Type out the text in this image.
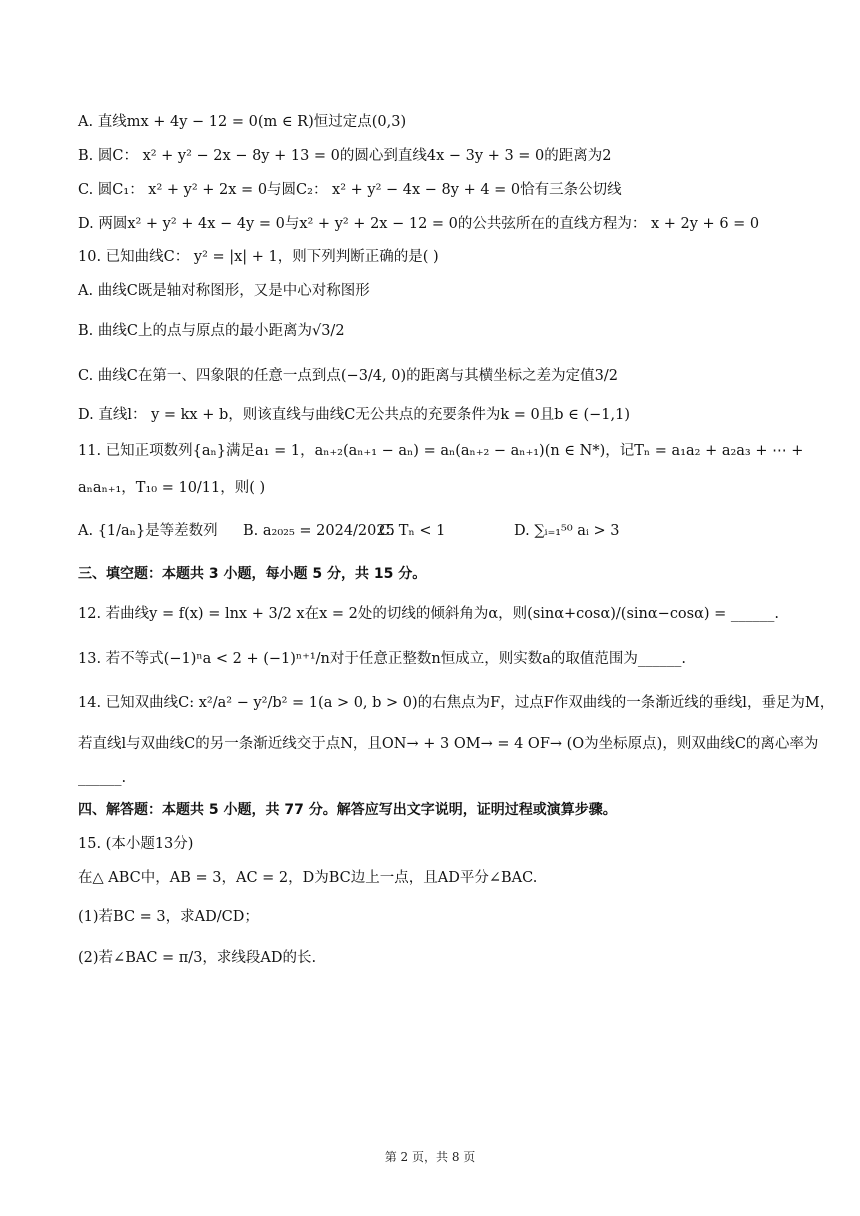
A. 直线mx + 4y − 12 = 0(m ∈ R)恒过定点(0,3)
B. 圆C： x² + y² − 2x − 8y + 13 = 0的圆心到直线4x − 3y + 3 = 0的距离为2
C. 圆C₁： x² + y² + 2x = 0与圆C₂： x² + y² − 4x − 8y + 4 = 0恰有三条公切线
D. 两圆x² + y² + 4x − 4y = 0与x² + y² + 2x − 12 = 0的公共弦所在的直线方程为： x + 2y + 6 = 0
10. 已知曲线C： y² = |x| + 1，则下列判断正确的是( )
A. 曲线C既是轴对称图形，又是中心对称图形
B. 曲线C上的点与原点的最小距离为√3/2
C. 曲线C在第一、四象限的任意一点到点(−3/4, 0)的距离与其横坐标之差为定值3/2
D. 直线l： y = kx + b，则该直线与曲线C无公共点的充要条件为k = 0且b ∈ (−1,1)
11. 已知正项数列{aₙ}满足a₁ = 1，aₙ₊₂(aₙ₊₁ − aₙ) = aₙ(aₙ₊₂ − aₙ₊₁)(n ∈ N*)，记Tₙ = a₁a₂ + a₂a₃ + ⋯ +
aₙaₙ₊₁，T₁₀ = 10/11，则( )
A. {1/aₙ}是等差数列	B. a₂₀₂₅ = 2024/2025
C. Tₙ < 1	D. ∑ᵢ₌₁⁵⁰ aᵢ > 3
三、填空题：本题共 3 小题，每小题 5 分，共 15 分。
12. 若曲线y = f(x) = lnx + 3/2 x在x = 2处的切线的倾斜角为α，则(sinα+cosα)/(sinα−cosα) = ______.
13. 若不等式(−1)ⁿa < 2 + (−1)ⁿ⁺¹/n对于任意正整数n恒成立，则实数a的取值范围为______.
14. 已知双曲线C: x²/a² − y²/b² = 1(a > 0, b > 0)的右焦点为F，过点F作双曲线的一条渐近线的垂线l，垂足为M，
若直线l与双曲线C的另一条渐近线交于点N，且ON→ + 3 OM→ = 4 OF→ (O为坐标原点)，则双曲线C的离心率为
______.
四、解答题：本题共 5 小题，共 77 分。解答应写出文字说明，证明过程或演算步骤。
15. (本小题13分)
在△ ABC中，AB = 3，AC = 2，D为BC边上一点，且AD平分∠BAC.
(1)若BC = 3，求AD/CD；
(2)若∠BAC = π/3，求线段AD的长.
第 2 页，共 8 页
